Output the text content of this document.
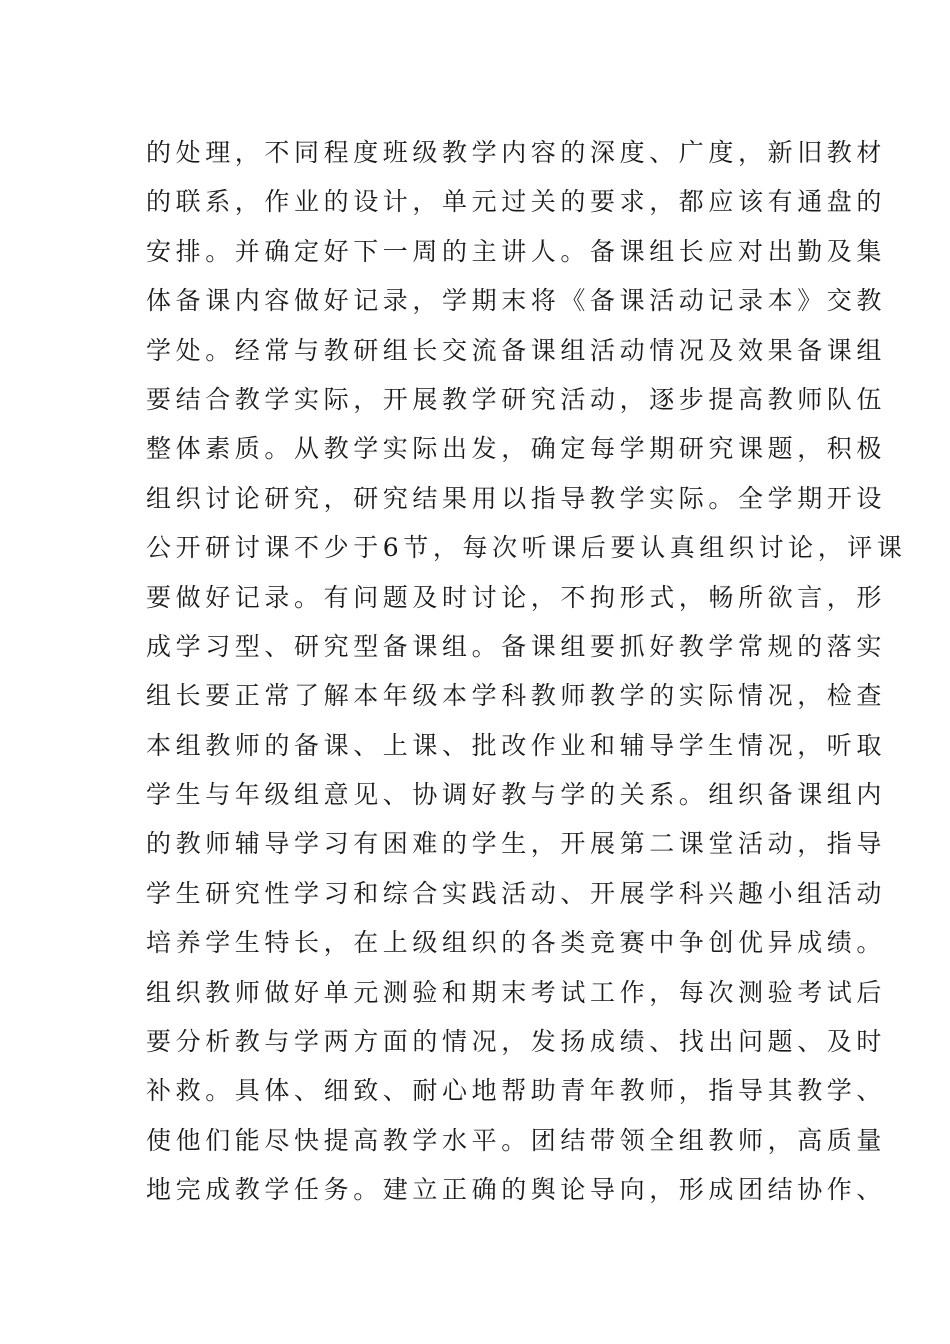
的处理，不同程度班级教学内容的深度、广度，新旧教材
的联系，作业的设计，单元过关的要求，都应该有通盘的
安排。并确定好下一周的主讲人。备课组长应对出勤及集
体备课内容做好记录，学期末将《备课活动记录本》交教
学处。经常与教研组长交流备课组活动情况及效果备课组
要结合教学实际，开展教学研究活动，逐步提高教师队伍
整体素质。从教学实际出发，确定每学期研究课题，积极
组织讨论研究，研究结果用以指导教学实际。全学期开设
公开研讨课不少于6节，每次听课后要认真组织讨论，评课
要做好记录。有问题及时讨论，不拘形式，畅所欲言，形
成学习型、研究型备课组。备课组要抓好教学常规的落实
组长要正常了解本年级本学科教师教学的实际情况，检查
本组教师的备课、上课、批改作业和辅导学生情况，听取
学生与年级组意见、协调好教与学的关系。组织备课组内
的教师辅导学习有困难的学生，开展第二课堂活动，指导
学生研究性学习和综合实践活动、开展学科兴趣小组活动
培养学生特长，在上级组织的各类竞赛中争创优异成绩。
组织教师做好单元测验和期末考试工作，每次测验考试后
要分析教与学两方面的情况，发扬成绩、找出问题、及时
补救。具体、细致、耐心地帮助青年教师，指导其教学、
使他们能尽快提高教学水平。团结带领全组教师，高质量
地完成教学任务。建立正确的舆论导向，形成团结协作、
